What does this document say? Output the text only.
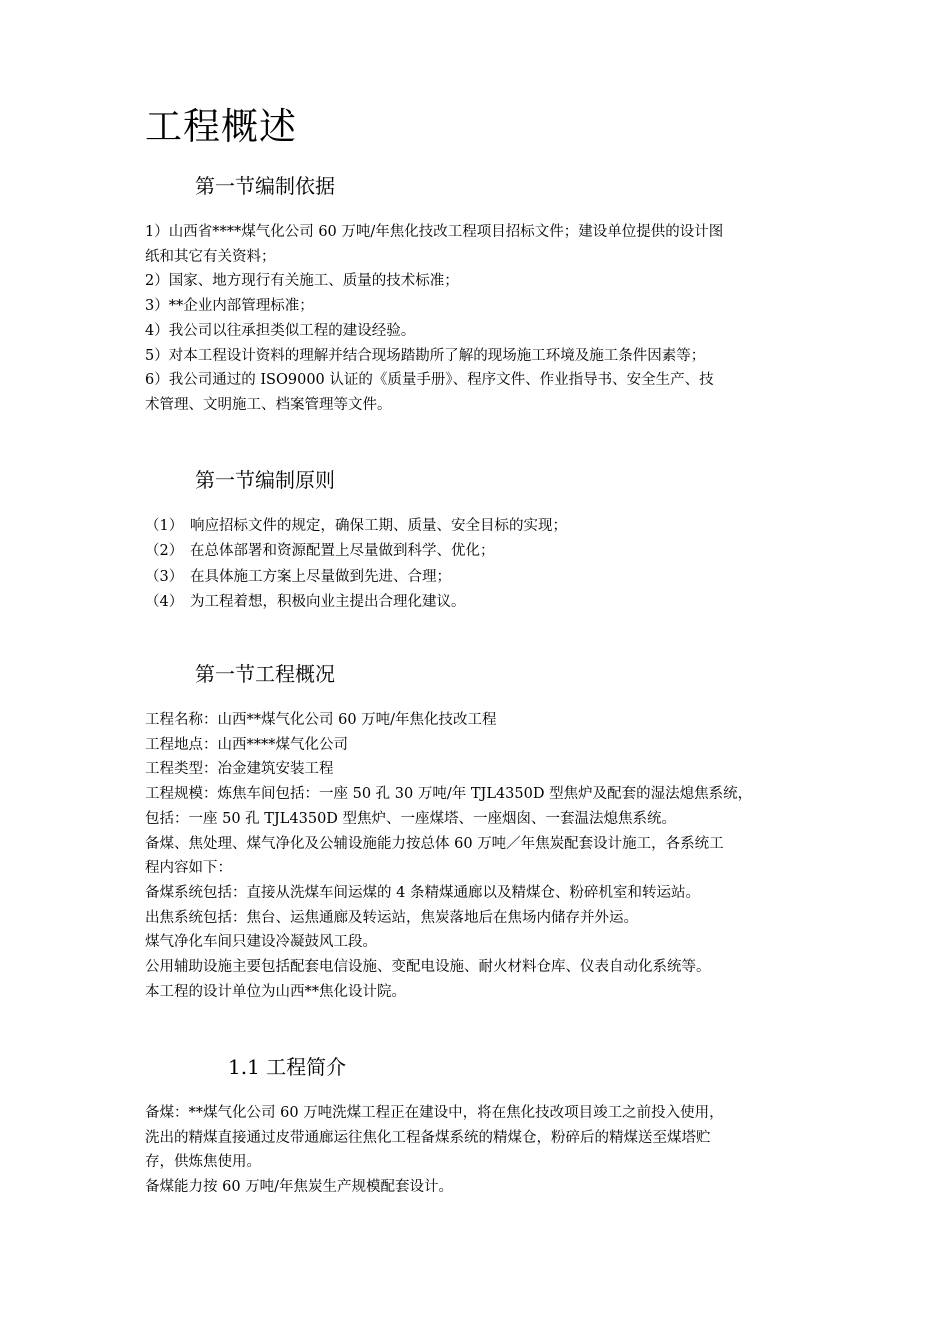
工程概述
第一节编制依据
1）山西省****煤气化公司 60 万吨/年焦化技改工程项目招标文件；建设单位提供的设计图
纸和其它有关资料；
2）国家、地方现行有关施工、质量的技术标准；
3）**企业内部管理标准；
4）我公司以往承担类似工程的建设经验。
5）对本工程设计资料的理解并结合现场踏勘所了解的现场施工环境及施工条件因素等；
6）我公司通过的 ISO9000 认证的《质量手册》、程序文件、作业指导书、安全生产、技
术管理、文明施工、档案管理等文件。
第一节编制原则
（1） 响应招标文件的规定，确保工期、质量、安全目标的实现；
（2） 在总体部署和资源配置上尽量做到科学、优化；
（3） 在具体施工方案上尽量做到先进、合理；
（4） 为工程着想，积极向业主提出合理化建议。
第一节工程概况
工程名称：山西**煤气化公司 60 万吨/年焦化技改工程
工程地点：山西****煤气化公司
工程类型：冶金建筑安装工程
工程规模：炼焦车间包括：一座 50 孔 30 万吨/年 TJL4350D 型焦炉及配套的湿法熄焦系统，
包括：一座 50 孔 TJL4350D 型焦炉、一座煤塔、一座烟囱、一套温法熄焦系统。
备煤、焦处理、煤气净化及公辅设施能力按总体 60 万吨／年焦炭配套设计施工，各系统工
程内容如下：
备煤系统包括：直接从洗煤车间运煤的 4 条精煤通廊以及精煤仓、粉碎机室和转运站。
出焦系统包括：焦台、运焦通廊及转运站，焦炭落地后在焦场内储存并外运。
煤气净化车间只建设冷凝鼓风工段。
公用辅助设施主要包括配套电信设施、变配电设施、耐火材料仓库、仪表自动化系统等。
本工程的设计单位为山西**焦化设计院。
1.1 工程简介
备煤：**煤气化公司 60 万吨洗煤工程正在建设中，将在焦化技改项目竣工之前投入使用，
洗出的精煤直接通过皮带通廊运往焦化工程备煤系统的精煤仓，粉碎后的精煤送至煤塔贮
存，供炼焦使用。
备煤能力按 60 万吨/年焦炭生产规模配套设计。
